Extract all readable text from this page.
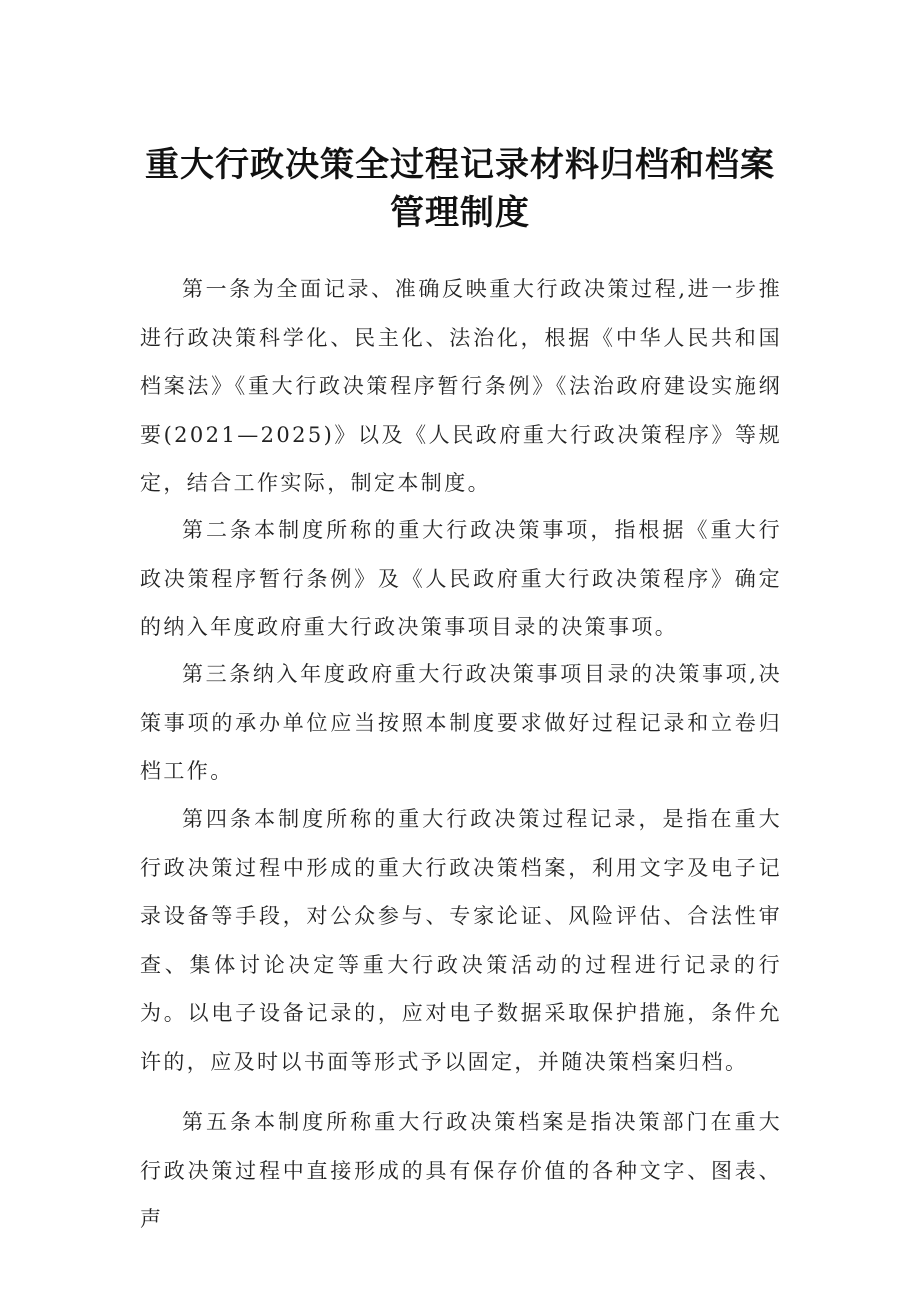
重大行政决策全过程记录材料归档和档案
管理制度

第一条为全面记录、准确反映重大行政决策过程,进一步推进行政决策科学化、民主化、法治化，根据《中华人民共和国档案法》《重大行政决策程序暂行条例》《法治政府建设实施纲要(2021—2025)》以及《人民政府重大行政决策程序》等规定，结合工作实际，制定本制度。

第二条本制度所称的重大行政决策事项，指根据《重大行政决策程序暂行条例》及《人民政府重大行政决策程序》确定的纳入年度政府重大行政决策事项目录的决策事项。

第三条纳入年度政府重大行政决策事项目录的决策事项,决策事项的承办单位应当按照本制度要求做好过程记录和立卷归档工作。

第四条本制度所称的重大行政决策过程记录，是指在重大行政决策过程中形成的重大行政决策档案，利用文字及电子记录设备等手段，对公众参与、专家论证、风险评估、合法性审查、集体讨论决定等重大行政决策活动的过程进行记录的行为。以电子设备记录的，应对电子数据采取保护措施，条件允许的，应及时以书面等形式予以固定，并随决策档案归档。

第五条本制度所称重大行政决策档案是指决策部门在重大行政决策过程中直接形成的具有保存价值的各种文字、图表、声
